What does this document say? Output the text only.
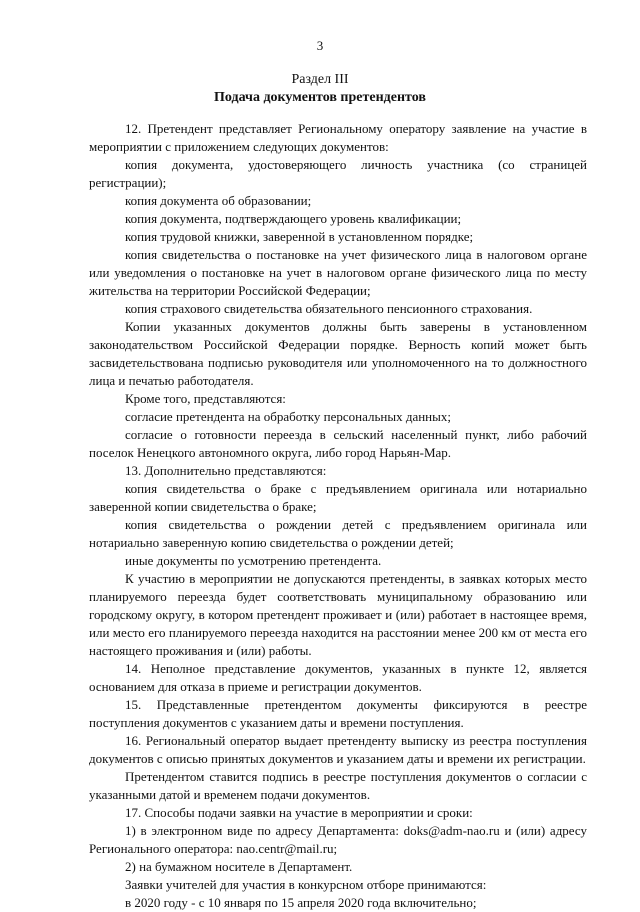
3
Раздел III
Подача документов претендентов

12. Претендент представляет Региональному оператору заявление на участие в мероприятии с приложением следующих документов:

копия документа, удостоверяющего личность участника (со страницей регистрации);

копия документа об образовании;

копия документа, подтверждающего уровень квалификации;

копия трудовой книжки, заверенной в установленном порядке;

копия свидетельства о постановке на учет физического лица в налоговом органе или уведомления о постановке на учет в налоговом органе физического лица по месту жительства на территории Российской Федерации;

копия страхового свидетельства обязательного пенсионного страхования.

Копии указанных документов должны быть заверены в установленном законодательством Российской Федерации порядке. Верность копий может быть засвидетельствована подписью руководителя или уполномоченного на то должностного лица и печатью работодателя.

Кроме того, представляются:

согласие претендента на обработку персональных данных;

согласие о готовности переезда в сельский населенный пункт, либо рабочий поселок Ненецкого автономного округа, либо город Нарьян-Мар.

13. Дополнительно представляются:

копия свидетельства о браке с предъявлением оригинала или нотариально заверенной копии свидетельства о браке;

копия свидетельства о рождении детей с предъявлением оригинала или нотариально заверенную копию свидетельства о рождении детей;

иные документы по усмотрению претендента.

К участию в мероприятии не допускаются претенденты, в заявках которых место планируемого переезда будет соответствовать муниципальному образованию или городскому округу, в котором претендент проживает и (или) работает в настоящее время, или место его планируемого переезда находится на расстоянии менее 200 км от места его настоящего проживания и (или) работы.

14. Неполное представление документов, указанных в пункте 12, является основанием для отказа в приеме и регистрации документов.

15. Представленные претендентом документы фиксируются в реестре поступления документов с указанием даты и времени поступления.

16. Региональный оператор выдает претенденту выписку из реестра поступления документов с описью принятых документов и указанием даты и времени их регистрации.

Претендентом ставится подпись в реестре поступления документов о согласии с указанными датой и временем подачи документов.

17. Способы подачи заявки на участие в мероприятии и сроки:

1) в электронном виде по адресу Департамента: doks@adm-nao.ru и (или) адресу Регионального оператора: nao.centr@mail.ru;

2) на бумажном носителе в Департамент.

Заявки учителей для участия в конкурсном отборе принимаются:

в 2020 году - с 10 января по 15 апреля 2020 года включительно;
